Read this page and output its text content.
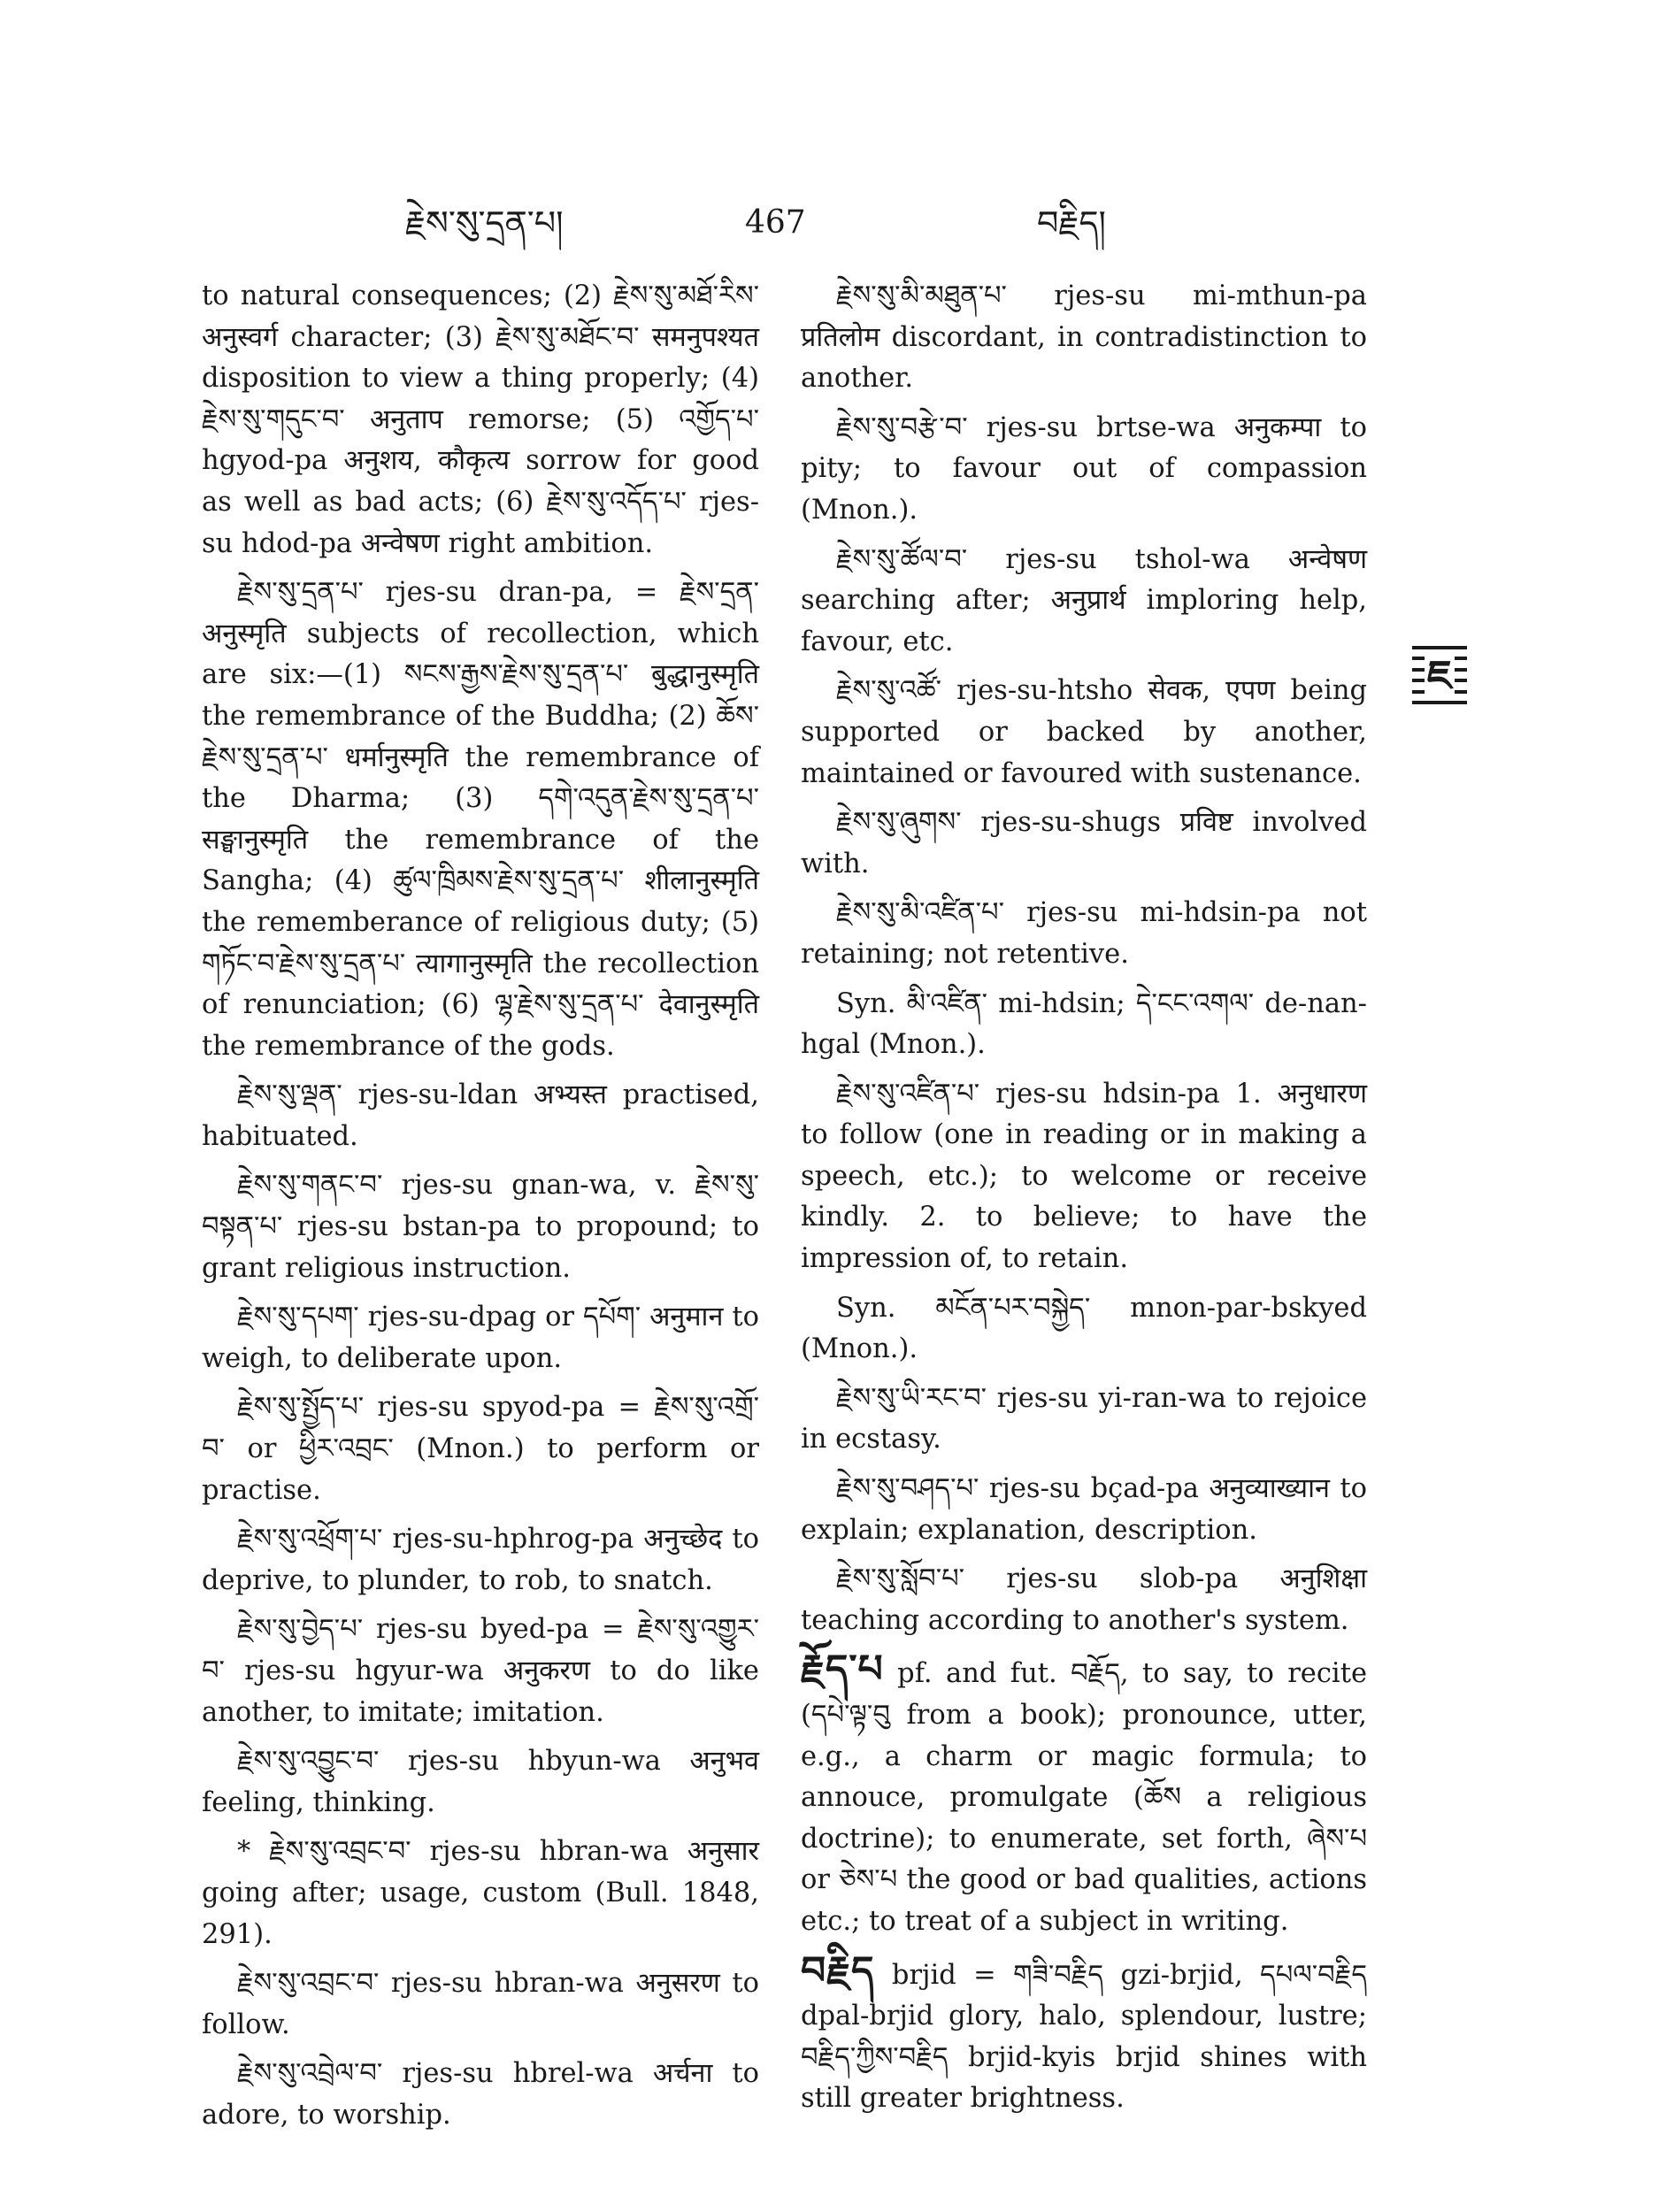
རྗེས་སུ་དྲན་པ།	467	བརྗིད།

to natural consequences; (2) རྗེས་སུ་མཐོ་རིས་ अनुस्वर्ग character; (3) རྗེས་སུ་མཐོང་བ་ समनुपश्यत disposition to view a thing properly; (4) རྗེས་སུ་གདུང་བ་ अनुताप remorse; (5) འགྱོད་པ་ hgyod-pa अनुशय, कौकृत्य sorrow for good as well as bad acts; (6) རྗེས་སུ་འདོད་པ་ rjes-su hdod-pa अन्वेषण right ambition.

རྗེས་སུ་དྲན་པ་ rjes-su dran-pa, = རྗེས་དྲན་ अनुस्मृति subjects of recollection, which are six:—(1) སངས་རྒྱས་རྗེས་སུ་དྲན་པ་ बुद्धानुस्मृति the remembrance of the Buddha; (2) ཆོས་རྗེས་སུ་དྲན་པ་ धर्मानुस्मृति the remembrance of the Dharma; (3) དགེ་འདུན་རྗེས་སུ་དྲན་པ་ सङ्घानुस्मृति the remembrance of the Sangha; (4) ཚུལ་ཁྲིམས་རྗེས་སུ་དྲན་པ་ शीलानुस्मृति the rememberance of religious duty; (5) གཏོང་བ་རྗེས་སུ་དྲན་པ་ त्यागानुस्मृति the recollection of renunciation; (6) ལྷ་རྗེས་སུ་དྲན་པ་ देवानुस्मृति the remembrance of the gods.

རྗེས་སུ་ལྡན་ rjes-su-ldan अभ्यस्त practised, habituated.

རྗེས་སུ་གནང་བ་ rjes-su gnan-wa, v. རྗེས་སུ་བསྟན་པ་ rjes-su bstan-pa to propound; to grant religious instruction.

རྗེས་སུ་དཔག་ rjes-su-dpag or དཔོག་ अनुमान to weigh, to deliberate upon.

རྗེས་སུ་སྤྱོད་པ་ rjes-su spyod-pa = རྗེས་སུ་འགྲོ་བ་ or ཕྱིར་འབྲང་ (Mnon.) to perform or practise.

རྗེས་སུ་འཕྲོག་པ་ rjes-su-hphrog-pa अनुच्छेद to deprive, to plunder, to rob, to snatch.

རྗེས་སུ་བྱེད་པ་ rjes-su byed-pa = རྗེས་སུ་འགྱུར་བ་ rjes-su hgyur-wa अनुकरण to do like another, to imitate; imitation.

རྗེས་སུ་འབྱུང་བ་ rjes-su hbyun-wa अनुभव feeling, thinking.

* རྗེས་སུ་འབྲང་བ་ rjes-su hbran-wa अनुसार going after; usage, custom (Bull. 1848, 291).

རྗེས་སུ་འབྲང་བ་ rjes-su hbran-wa अनुसरण to follow.

རྗེས་སུ་འབྲེལ་བ་ rjes-su hbrel-wa अर्चना to adore, to worship.

རྗེས་སུ་མི་མཐུན་པ་ rjes-su mi-mthun-pa प्रतिलोम discordant, in contradistinction to another.

རྗེས་སུ་བརྩེ་བ་ rjes-su brtse-wa अनुकम्पा to pity; to favour out of compassion (Mnon.).

རྗེས་སུ་ཚོལ་བ་ rjes-su tshol-wa अन्वेषण searching after; अनुप्रार्थ imploring help, favour, etc.

རྗེས་སུ་འཚོ་ rjes-su-htsho सेवक, एपण being supported or backed by another, maintained or favoured with sustenance.

རྗེས་སུ་ཞུགས་ rjes-su-shugs प्रविष्ट involved with.

རྗེས་སུ་མི་འཛིན་པ་ rjes-su mi-hdsin-pa not retaining; not retentive.

Syn. མི་འཛིན་ mi-hdsin; དེ་ངང་འགལ་ de-nan-hgal (Mnon.).

རྗེས་སུ་འཛིན་པ་ rjes-su hdsin-pa 1. अनुधारण to follow (one in reading or in making a speech, etc.); to welcome or receive kindly. 2. to believe; to have the impression of, to retain.

Syn. མངོན་པར་བསྐྱེད་ mnon-par-bskyed (Mnon.).

རྗེས་སུ་ཡི་རང་བ་ rjes-su yi-ran-wa to rejoice in ecstasy.

རྗེས་སུ་བཤད་པ་ rjes-su bçad-pa अनुव्याख्यान to explain; explanation, description.

རྗེས་སུ་སློབ་པ་ rjes-su slob-pa अनुशिक्षा teaching according to another's system.

རྗོད་པ pf. and fut. བརྗོད, to say, to recite (དཔེ་ལྟ་བུ from a book); pronounce, utter, e.g., a charm or magic formula; to annouce, promulgate (ཆོས a religious doctrine); to enumerate, set forth, ཞེས་པ or ཅེས་པ the good or bad qualities, actions etc.; to treat of a subject in writing.

བརྗིད brjid = གཟི་བརྗིད gzi-brjid, དཔལ་བརྗིད dpal-brjid glory, halo, splendour, lustre; བརྗིད་ཀྱིས་བརྗིད brjid-kyis brjid shines with still greater brightness.

ཇ
